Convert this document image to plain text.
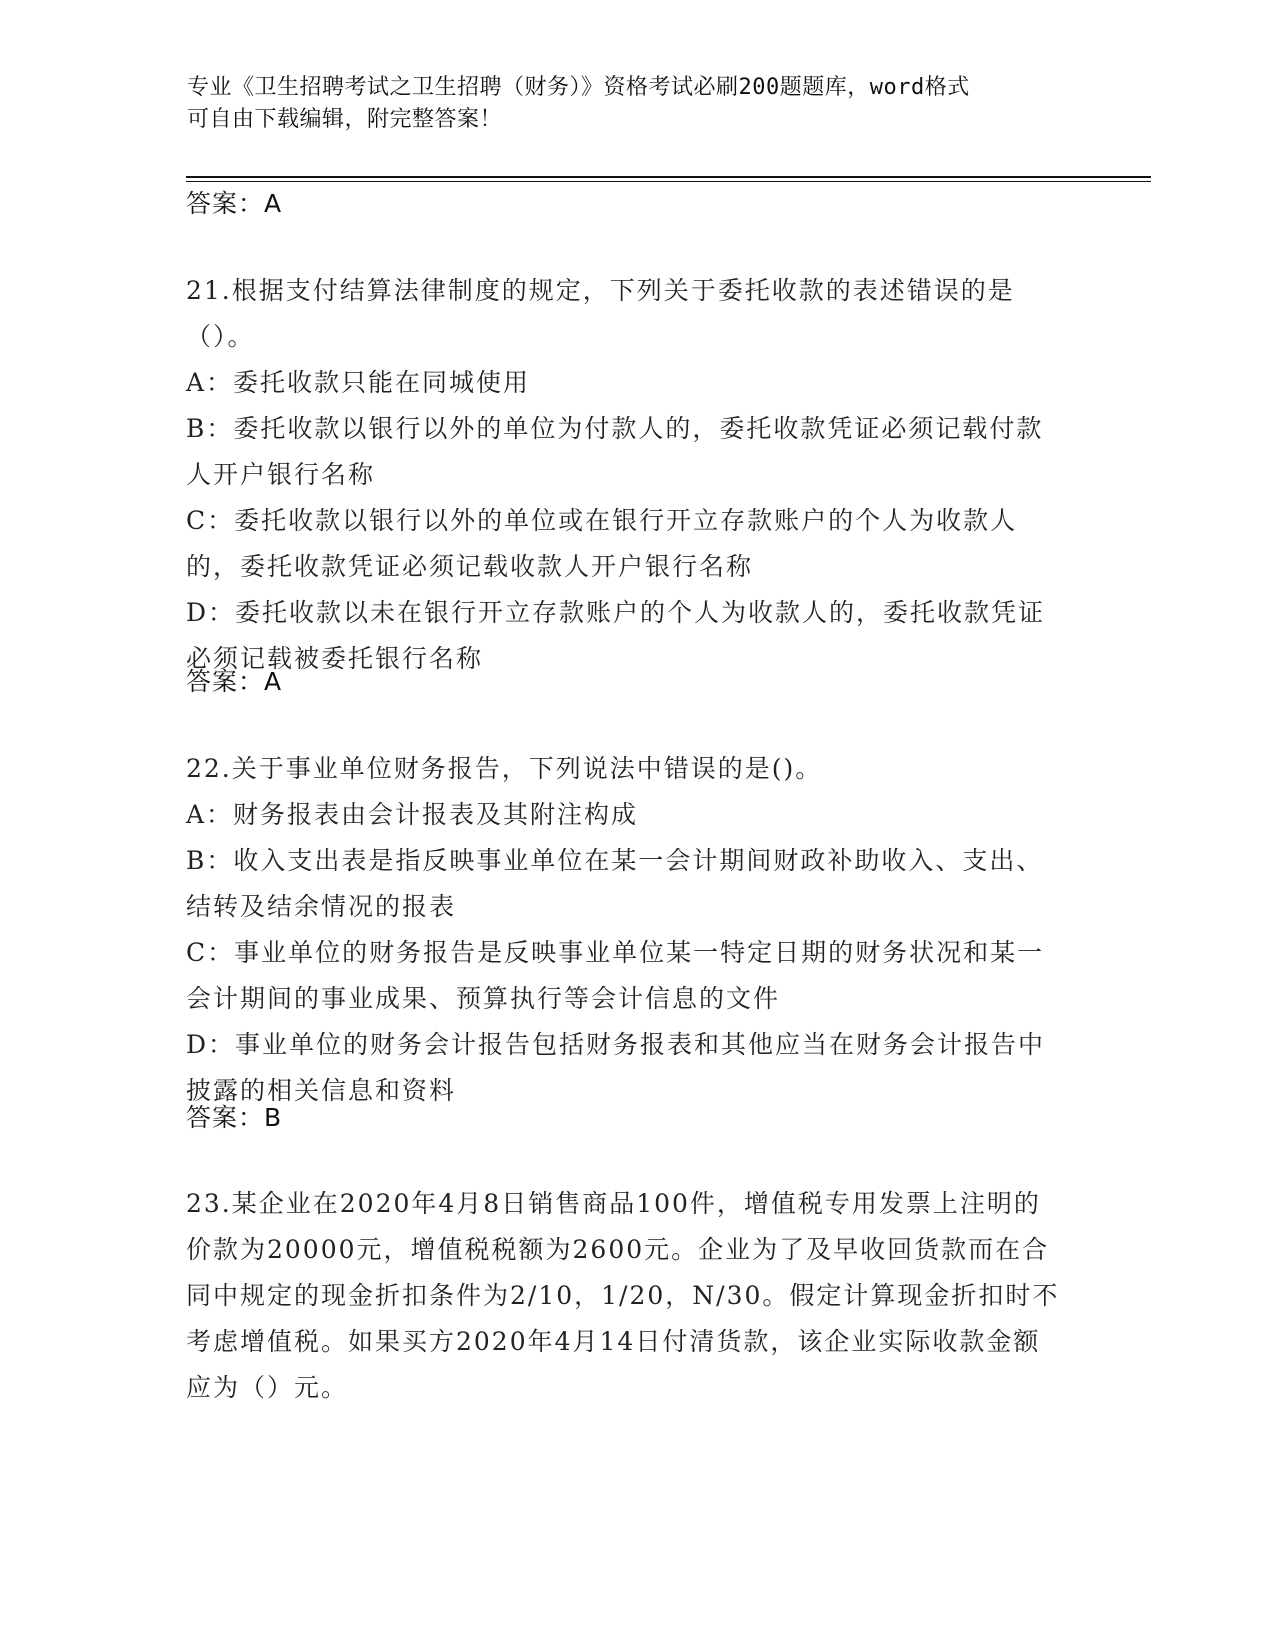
专业《卫生招聘考试之卫生招聘（财务）》资格考试必刷200题题库，word格式
可自由下载编辑，附完整答案！
答案：A

21.根据支付结算法律制度的规定，下列关于委托收款的表述错误的是（）。

A：委托收款只能在同城使用

B：委托收款以银行以外的单位为付款人的，委托收款凭证必须记载付款人开户银行名称

C：委托收款以银行以外的单位或在银行开立存款账户的个人为收款人的，委托收款凭证必须记载收款人开户银行名称

D：委托收款以未在银行开立存款账户的个人为收款人的，委托收款凭证必须记载被委托银行名称

答案：A

22.关于事业单位财务报告，下列说法中错误的是()。

A：财务报表由会计报表及其附注构成

B：收入支出表是指反映事业单位在某一会计期间财政补助收入、支出、结转及结余情况的报表

C：事业单位的财务报告是反映事业单位某一特定日期的财务状况和某一会计期间的事业成果、预算执行等会计信息的文件

D：事业单位的财务会计报告包括财务报表和其他应当在财务会计报告中披露的相关信息和资料

答案：B

23.某企业在2020年4月8日销售商品100件，增值税专用发票上注明的价款为20000元，增值税税额为2600元。企业为了及早收回货款而在合同中规定的现金折扣条件为2/10，1/20，N/30。假定计算现金折扣时不考虑增值税。如果买方2020年4月14日付清货款，该企业实际收款金额应为（）元。
